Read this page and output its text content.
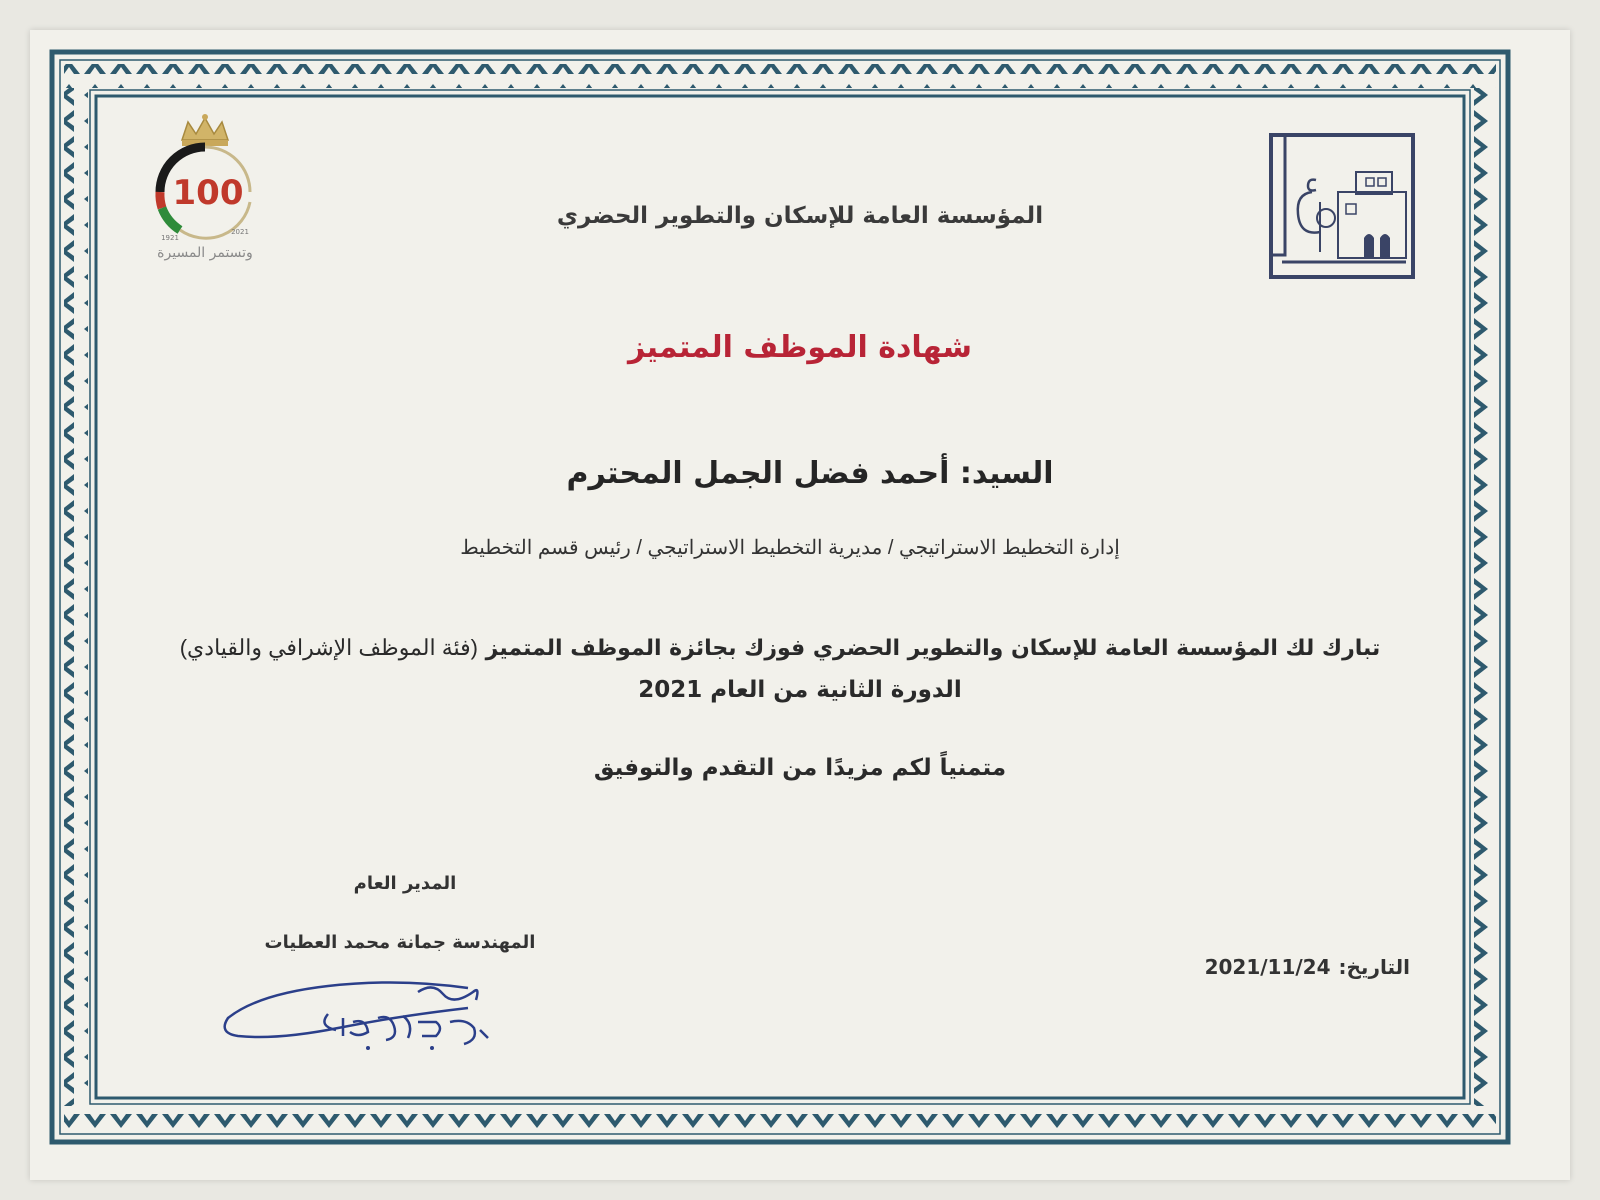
100
1921
2021
وتستمر المسيرة
المؤسسة العامة للإسكان والتطوير الحضري
شهادة الموظف المتميز
السيد: أحمد فضل الجمل المحترم
إدارة التخطيط الاستراتيجي / مديرية التخطيط الاستراتيجي / رئيس قسم التخطيط
تبارك لك المؤسسة العامة للإسكان والتطوير الحضري فوزك بجائزة الموظف المتميز (فئة الموظف الإشرافي والقيادي)
الدورة الثانية من العام 2021
متمنياً لكم مزيدًا من التقدم والتوفيق
المدير العام
المهندسة جمانة محمد العطيات
التاريخ:2021/11/24
